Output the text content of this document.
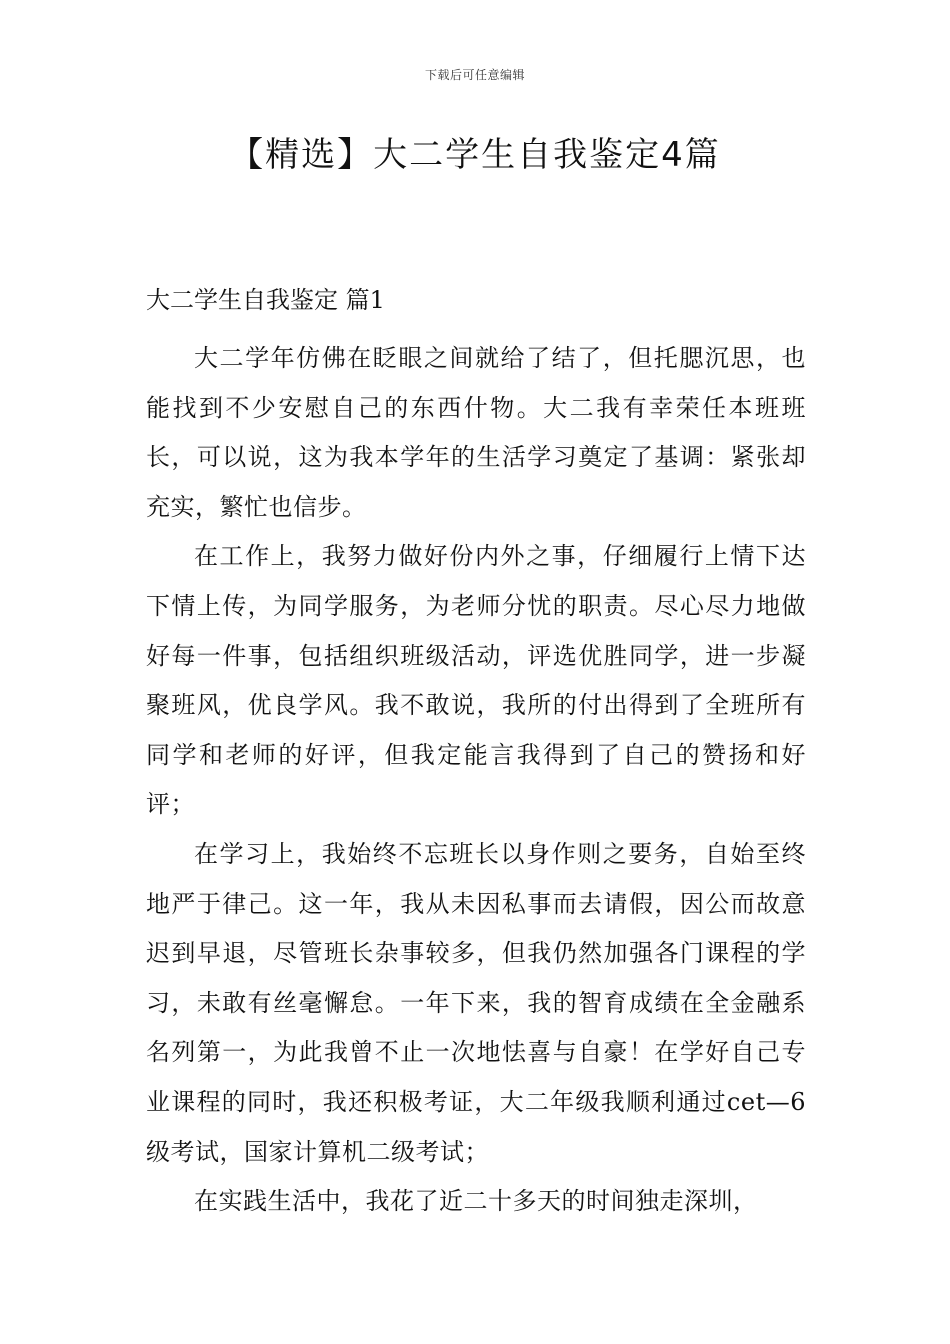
下载后可任意编辑
【精选】大二学生自我鉴定4篇
大二学生自我鉴定 篇1

大二学年仿佛在眨眼之间就给了结了，但托腮沉思，也能找到不少安慰自己的东西什物。大二我有幸荣任本班班长，可以说，这为我本学年的生活学习奠定了基调：紧张却充实，繁忙也信步。

在工作上，我努力做好份内外之事，仔细履行上情下达下情上传，为同学服务，为老师分忧的职责。尽心尽力地做好每一件事，包括组织班级活动，评选优胜同学，进一步凝聚班风，优良学风。我不敢说，我所的付出得到了全班所有同学和老师的好评，但我定能言我得到了自己的赞扬和好评；

在学习上，我始终不忘班长以身作则之要务，自始至终地严于律己。这一年，我从未因私事而去请假，因公而故意迟到早退，尽管班长杂事较多，但我仍然加强各门课程的学习，未敢有丝毫懈怠。一年下来，我的智育成绩在全金融系名列第一，为此我曾不止一次地怯喜与自豪！在学好自己专业课程的同时，我还积极考证，大二年级我顺利通过cet—6级考试，国家计算机二级考试；

在实践生活中，我花了近二十多天的时间独走深圳，
